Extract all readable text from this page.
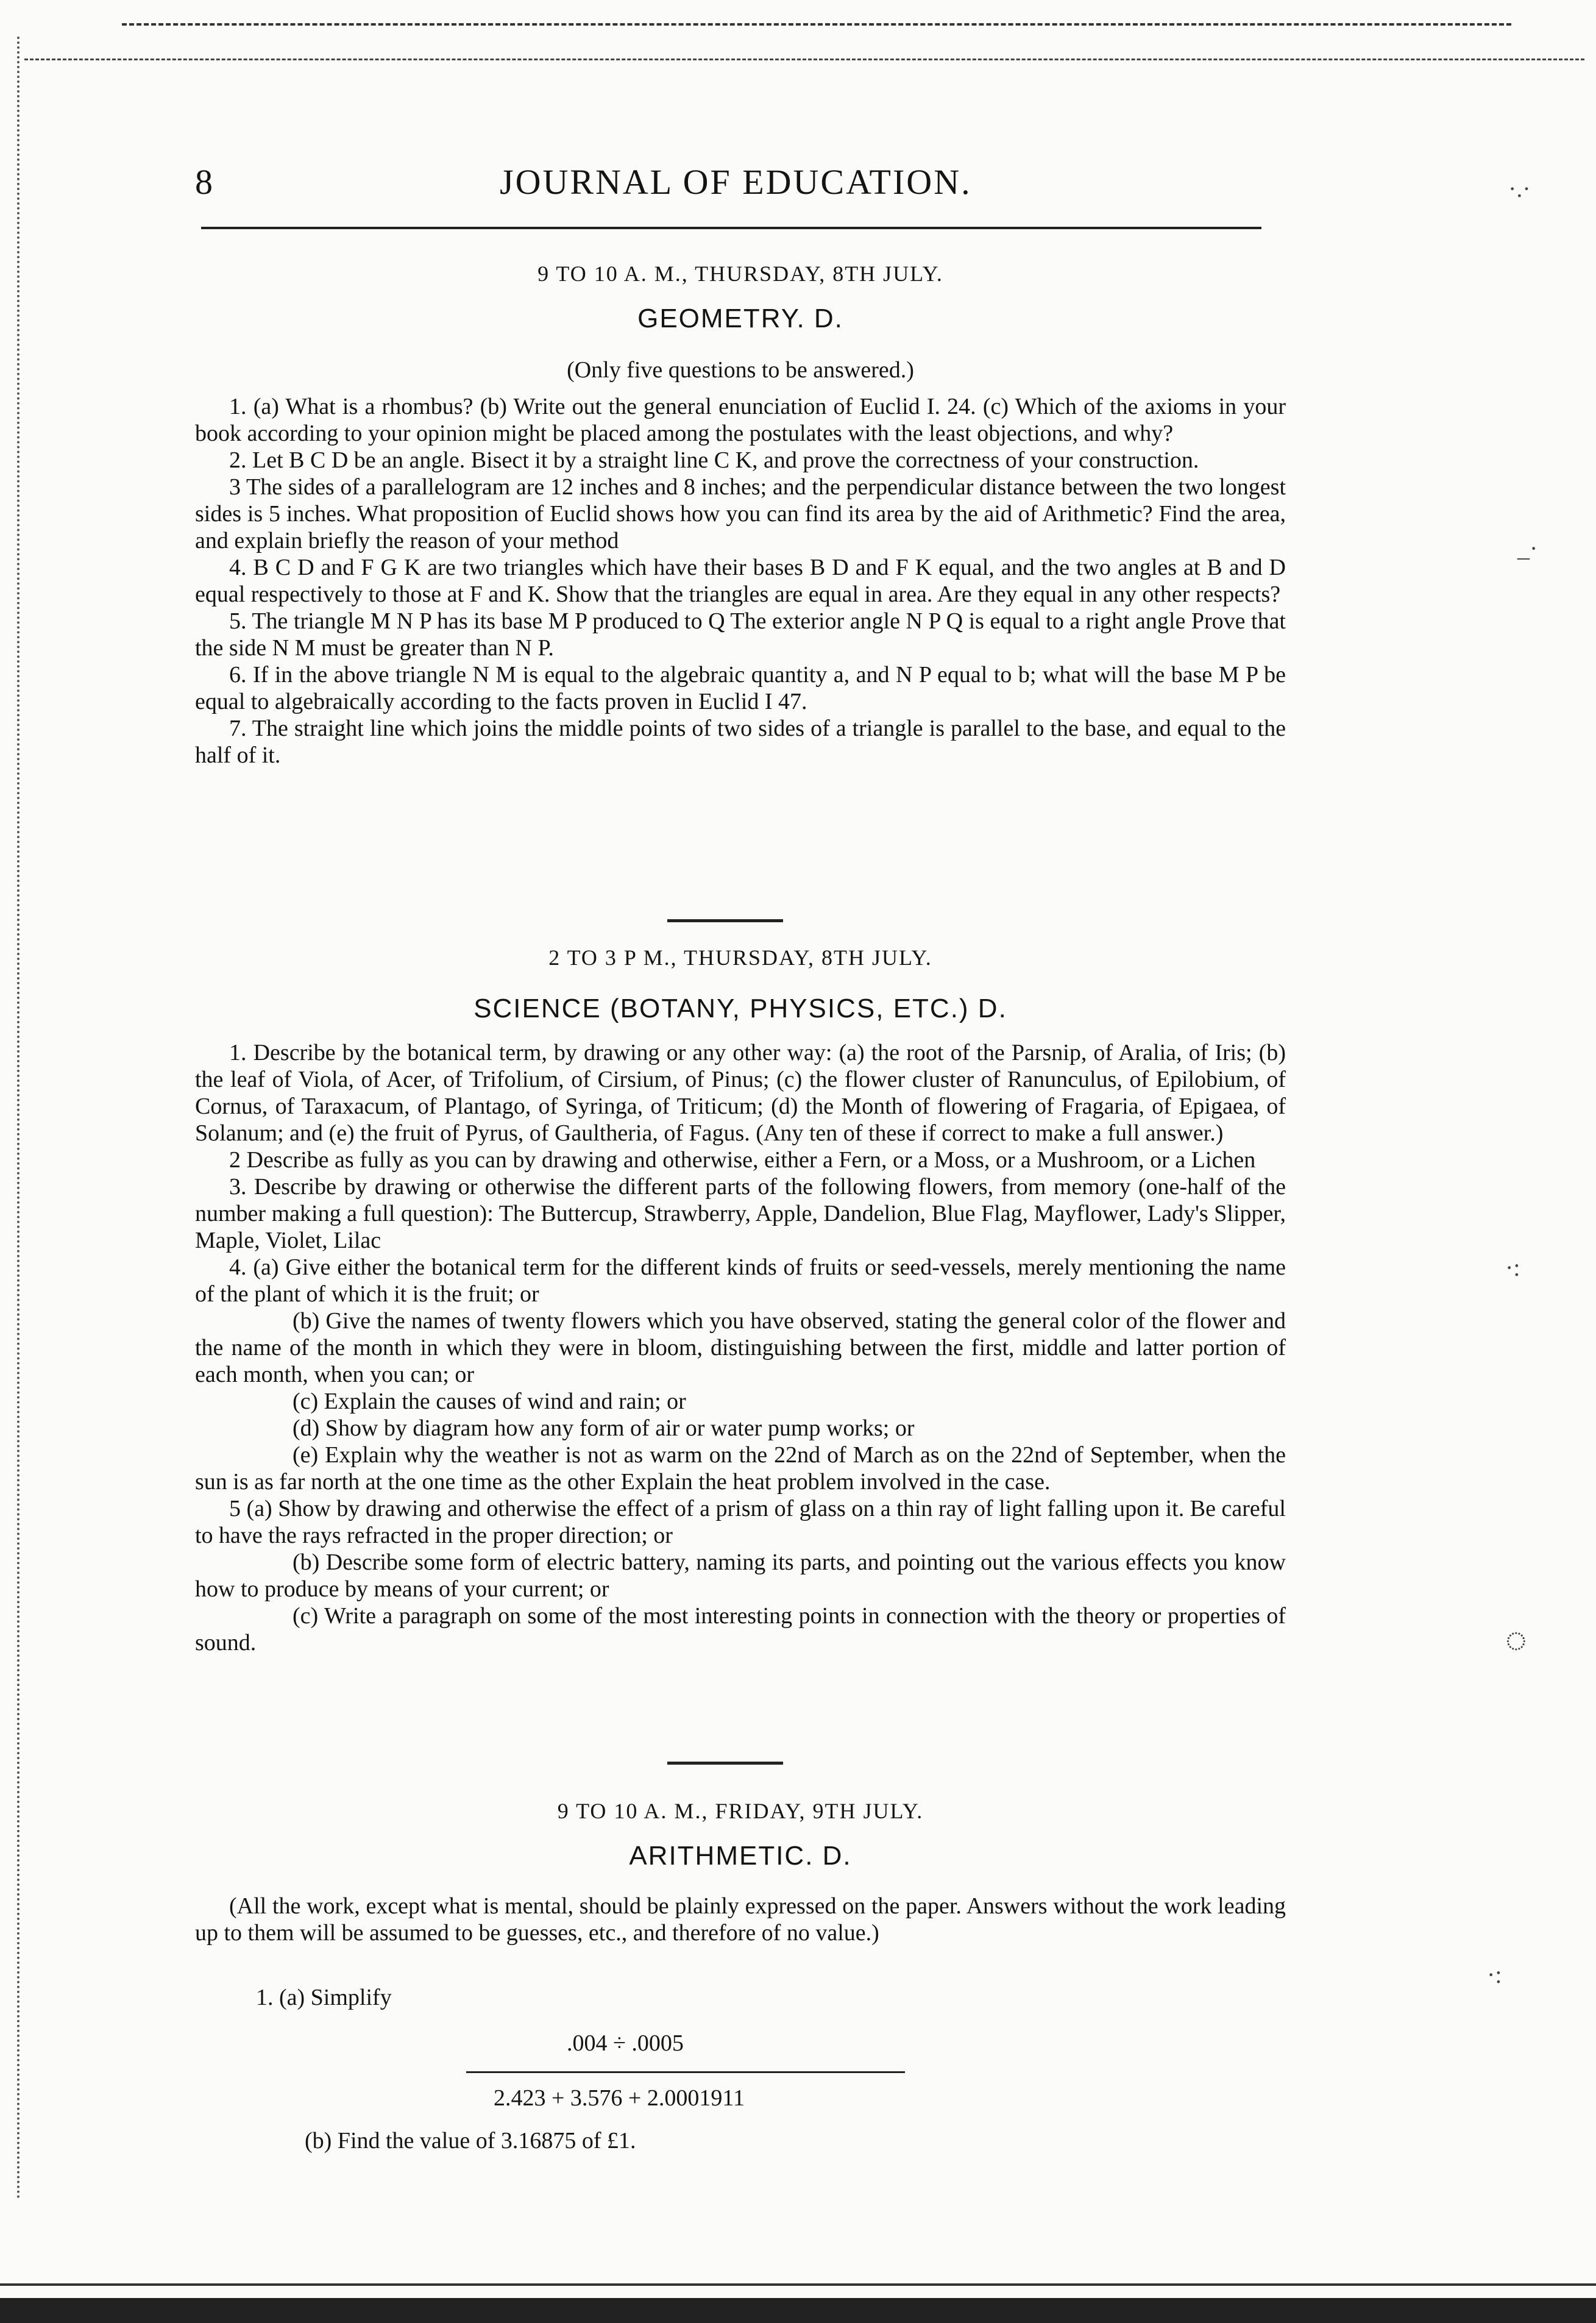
·.·
_·
·:
◌
·:
8	JOURNAL OF EDUCATION.
9 TO 10 A. M., THURSDAY, 8TH JULY.
GEOMETRY. D.
(Only five questions to be answered.)

1. (a) What is a rhombus? (b) Write out the general enunciation of Euclid I. 24. (c) Which of the axioms in your book according to your opinion might be placed among the postulates with the least objections, and why?

2. Let B C D be an angle. Bisect it by a straight line C K, and prove the correctness of your construction.

3 The sides of a parallelogram are 12 inches and 8 inches; and the perpendicular distance between the two longest sides is 5 inches. What proposition of Euclid shows how you can find its area by the aid of Arithmetic? Find the area, and explain briefly the reason of your method

4. B C D and F G K are two triangles which have their bases B D and F K equal, and the two angles at B and D equal respectively to those at F and K. Show that the triangles are equal in area. Are they equal in any other respects?

5. The triangle M N P has its base M P produced to Q The exterior angle N P Q is equal to a right angle Prove that the side N M must be greater than N P.

6. If in the above triangle N M is equal to the algebraic quantity a, and N P equal to b; what will the base M P be equal to algebraically according to the facts proven in Euclid I 47.

7. The straight line which joins the middle points of two sides of a triangle is parallel to the base, and equal to the half of it.

2 TO 3 P M., THURSDAY, 8TH JULY.
SCIENCE (BOTANY, PHYSICS, ETC.) D.

1. Describe by the botanical term, by drawing or any other way: (a) the root of the Parsnip, of Aralia, of Iris; (b) the leaf of Viola, of Acer, of Trifolium, of Cirsium, of Pinus; (c) the flower cluster of Ranunculus, of Epilobium, of Cornus, of Taraxacum, of Plantago, of Syringa, of Triticum; (d) the Month of flowering of Fragaria, of Epigaea, of Solanum; and (e) the fruit of Pyrus, of Gaultheria, of Fagus. (Any ten of these if correct to make a full answer.)

2 Describe as fully as you can by drawing and otherwise, either a Fern, or a Moss, or a Mushroom, or a Lichen

3. Describe by drawing or otherwise the different parts of the following flowers, from memory (one-half of the number making a full question): The Buttercup, Strawberry, Apple, Dandelion, Blue Flag, Mayflower, Lady's Slipper, Maple, Violet, Lilac

4. (a) Give either the botanical term for the different kinds of fruits or seed-vessels, merely mentioning the name of the plant of which it is the fruit; or

(b) Give the names of twenty flowers which you have observed, stating the general color of the flower and the name of the month in which they were in bloom, distinguishing between the first, middle and latter portion of each month, when you can; or

(c) Explain the causes of wind and rain; or

(d) Show by diagram how any form of air or water pump works; or

(e) Explain why the weather is not as warm on the 22nd of March as on the 22nd of September, when the sun is as far north at the one time as the other Explain the heat problem involved in the case.

5 (a) Show by drawing and otherwise the effect of a prism of glass on a thin ray of light falling upon it. Be careful to have the rays refracted in the proper direction; or

(b) Describe some form of electric battery, naming its parts, and pointing out the various effects you know how to produce by means of your current; or

(c) Write a paragraph on some of the most interesting points in connection with the theory or properties of sound.

9 TO 10 A. M., FRIDAY, 9TH JULY.
ARITHMETIC. D.

(All the work, except what is mental, should be plainly expressed on the paper. Answers without the work leading up to them will be assumed to be guesses, etc., and therefore of no value.)

1. (a) Simplify
.004 ÷ .0005
2.423 + 3.576 + 2.0001911
(b) Find the value of 3.16875 of £1.
